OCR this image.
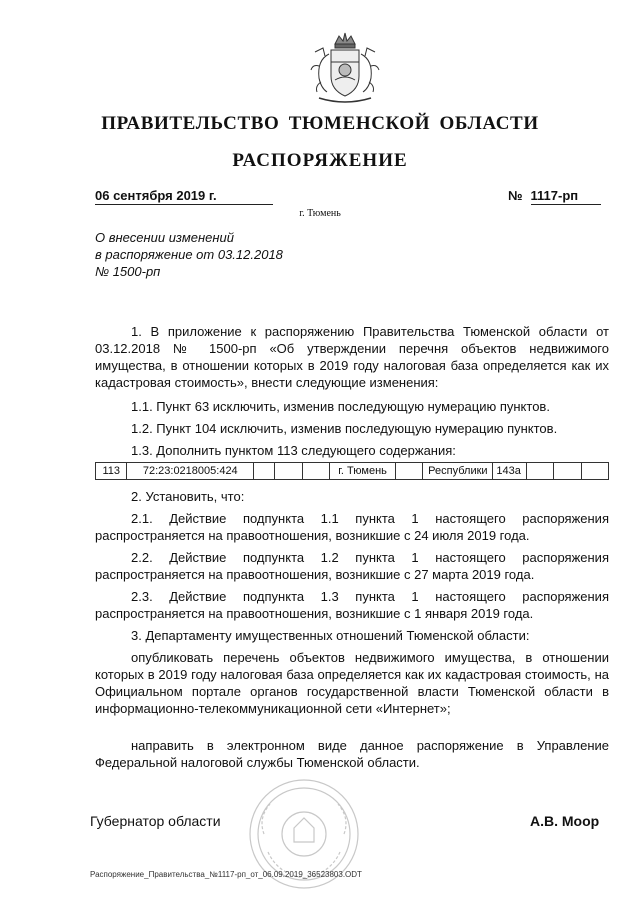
ПРАВИТЕЛЬСТВО ТЮМЕНСКОЙ ОБЛАСТИ
РАСПОРЯЖЕНИЕ
06 сентября 2019 г.	№ 1117-рп
г. Тюмень
О внесении изменений
в распоряжение от 03.12.2018
№ 1500-рп
1. В приложение к распоряжению Правительства Тюменской области от 03.12.2018 № 1500-рп «Об утверждении перечня объектов недвижимого имущества, в отношении которых в 2019 году налоговая база определяется как их кадастровая стоимость», внести следующие изменения:
1.1. Пункт 63 исключить, изменив последующую нумерацию пунктов.
1.2. Пункт 104 исключить, изменив последующую нумерацию пунктов.
1.3. Дополнить пунктом 113 следующего содержания:
113	72:23:0218005:424				г. Тюмень		Республики	143а			
2. Установить, что:
2.1. Действие подпункта 1.1 пункта 1 настоящего распоряжения распространяется на правоотношения, возникшие с 24 июля 2019 года.
2.2. Действие подпункта 1.2 пункта 1 настоящего распоряжения распространяется на правоотношения, возникшие с 27 марта 2019 года.
2.3. Действие подпункта 1.3 пункта 1 настоящего распоряжения распространяется на правоотношения, возникшие с 1 января 2019 года.
3. Департаменту имущественных отношений Тюменской области:
опубликовать перечень объектов недвижимого имущества, в отношении которых в 2019 году налоговая база определяется как их кадастровая стоимость, на Официальном портале органов государственной власти Тюменской области в информационно-телекоммуникационной сети «Интернет»;
направить в электронном виде данное распоряжение в Управление Федеральной налоговой службы Тюменской области.
Губернатор области	А.В. Моор
Распоряжение_Правительства_№1117-рп_от_06.09.2019_36523803.ODT
